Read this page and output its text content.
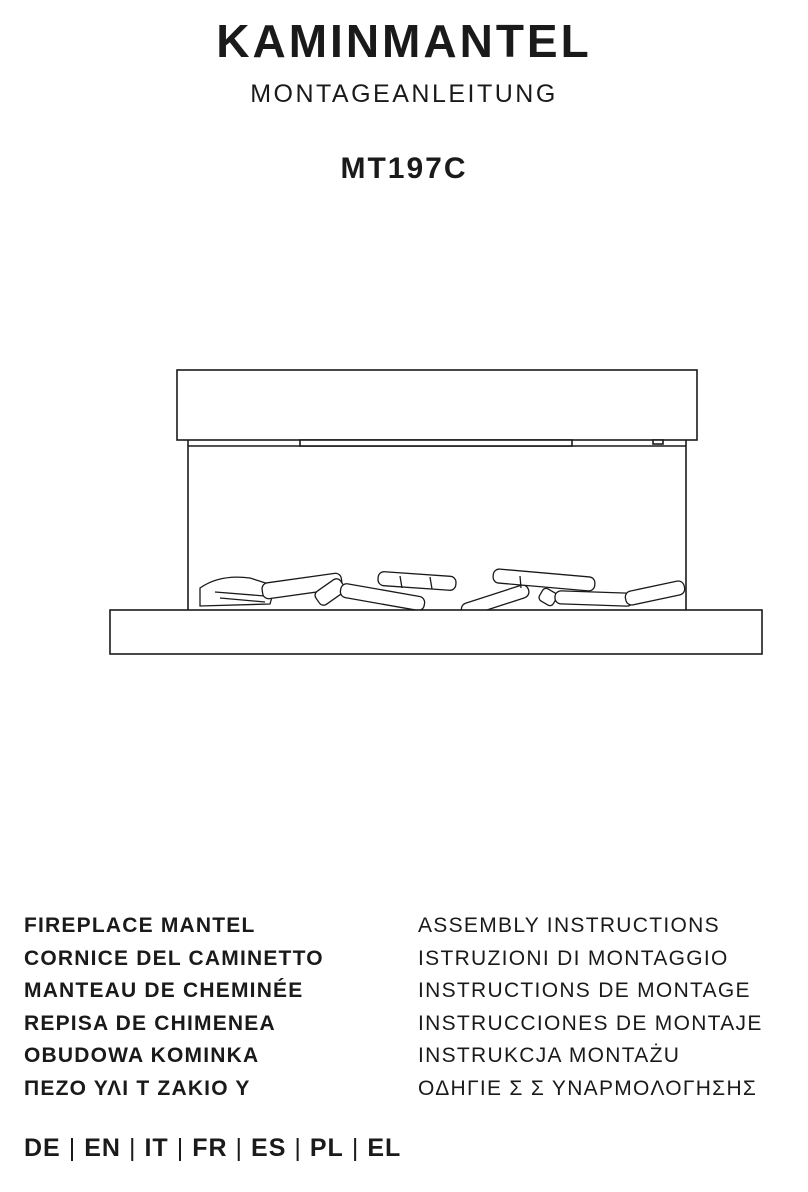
KAMINMANTEL
MONTAGEANLEITUNG
MT197C
FIREPLACE MANTEL	ASSEMBLY INSTRUCTIONS
CORNICE DEL CAMINETTO	ISTRUZIONI DI MONTAGGIO
MANTEAU DE CHEMINÉE	INSTRUCTIONS DE MONTAGE
REPISA DE CHIMENEA	INSTRUCCIONES DE MONTAJE
OBUDOWA KOMINKA	INSTRUKCJA MONTAŻU
ΠΕΖΟ ΥΛΙ Τ ΖΑΚΙΟ Υ	ΟΔΗΓΙΕ Σ Σ ΥΝΑΡΜΟΛΟΓΗΣΗΣ
DE | EN | IT | FR | ES | PL | EL
